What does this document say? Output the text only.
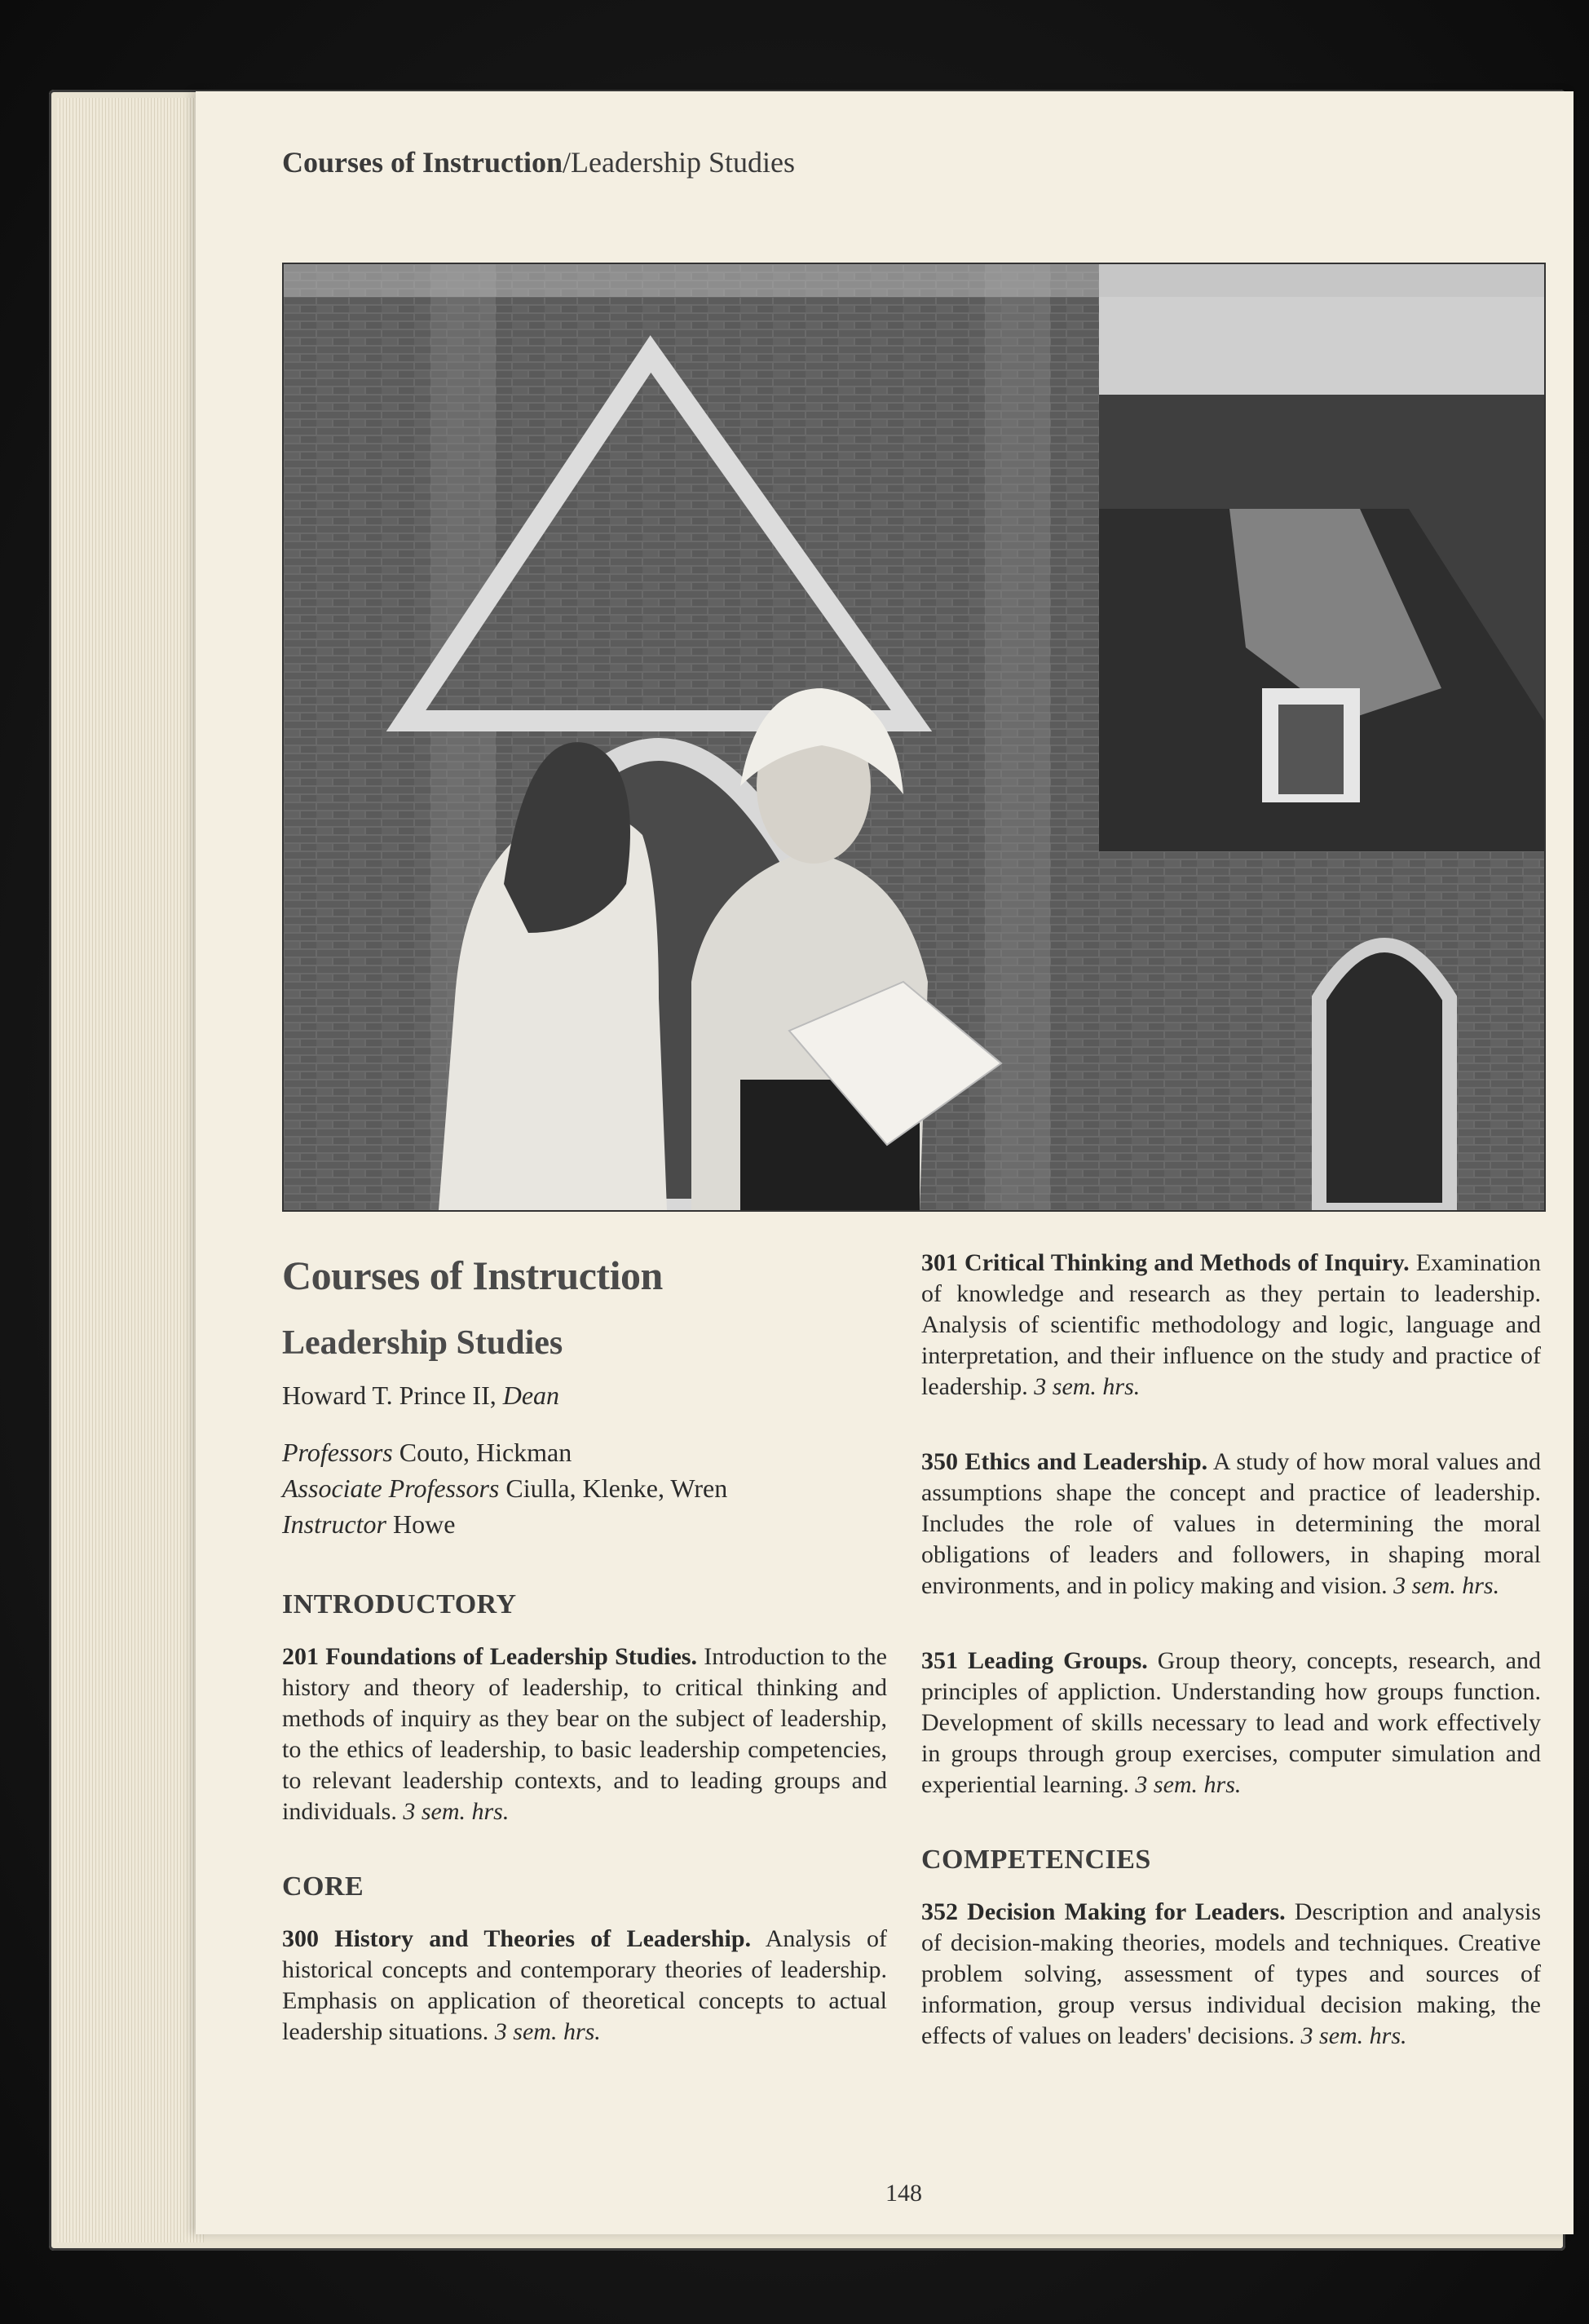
Courses of Instruction/Leadership Studies
Courses of Instruction
Leadership Studies

Howard T. Prince II, Dean

Professors Couto, Hickman

Associate Professors Ciulla, Klenke, Wren

Instructor Howe

INTRODUCTORY

201 Foundations of Leadership Studies. Introduction to the history and theory of leadership, to critical thinking and methods of inquiry as they bear on the subject of leadership, to the ethics of leadership, to basic leadership competencies, to relevant leadership contexts, and to leading groups and individuals. 3 sem. hrs.

CORE

300 History and Theories of Leadership. Analysis of historical concepts and contemporary theories of leadership. Emphasis on application of theoretical concepts to actual leadership situations. 3 sem. hrs.

301 Critical Thinking and Methods of Inquiry. Examination of knowledge and research as they pertain to leadership. Analysis of scientific methodology and logic, language and interpretation, and their influence on the study and practice of leadership. 3 sem. hrs.

350 Ethics and Leadership. A study of how moral values and assumptions shape the concept and practice of leadership. Includes the role of values in determining the moral obligations of leaders and followers, in shaping moral environments, and in policy making and vision. 3 sem. hrs.

351 Leading Groups. Group theory, concepts, research, and principles of appliction. Understanding how groups function. Development of skills necessary to lead and work effectively in groups through group exercises, computer simulation and experiential learning. 3 sem. hrs.

COMPETENCIES

352 Decision Making for Leaders. Description and analysis of decision-making theories, models and techniques. Creative problem solving, assessment of types and sources of information, group versus individual decision making, the effects of values on leaders' decisions. 3 sem. hrs.

148
